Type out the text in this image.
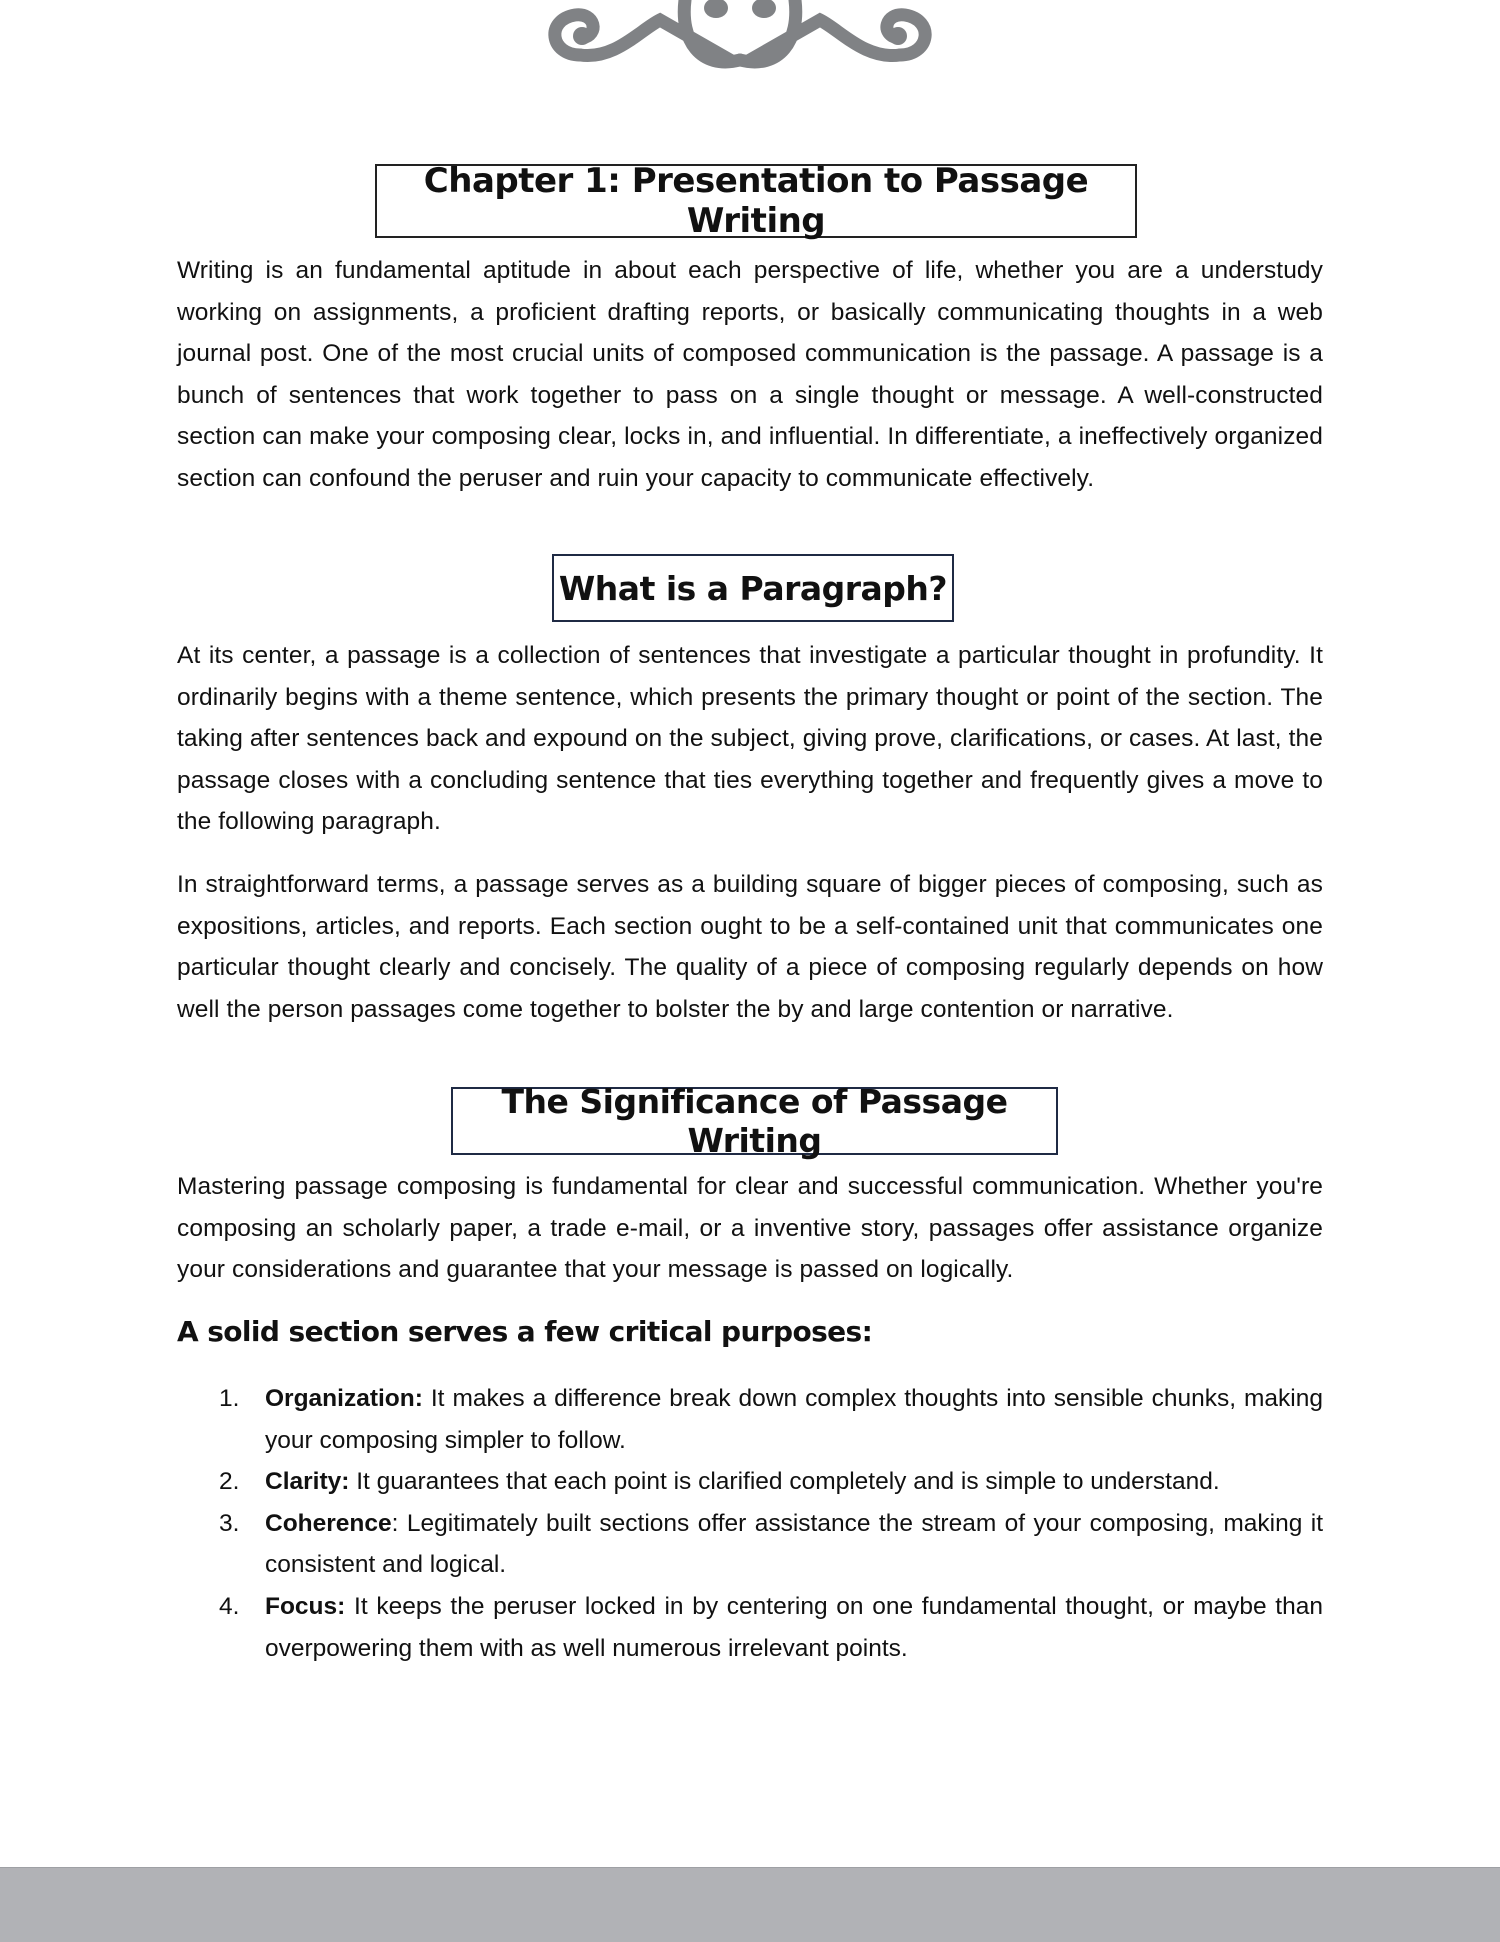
Chapter 1: Presentation to Passage Writing

Writing is an fundamental aptitude in about each perspective of life, whether you are a understudy working on assignments, a proficient drafting reports, or basically communicating thoughts in a web journal post. One of the most crucial units of composed communication is the passage. A passage is a bunch of sentences that work together to pass on a single thought or message. A well-constructed section can make your composing clear, locks in, and influential. In differentiate, a ineffectively organized section can confound the peruser and ruin your capacity to communicate effectively.

What is a Paragraph?

At its center, a passage is a collection of sentences that investigate a particular thought in profundity. It ordinarily begins with a theme sentence, which presents the primary thought or point of the section. The taking after sentences back and expound on the subject, giving prove, clarifications, or cases. At last, the passage closes with a concluding sentence that ties everything together and frequently gives a move to the following paragraph.

In straightforward terms, a passage serves as a building square of bigger pieces of composing, such as expositions, articles, and reports. Each section ought to be a self-contained unit that communicates one particular thought clearly and concisely. The quality of a piece of composing regularly depends on how well the person passages come together to bolster the by and large contention or narrative.

The Significance of Passage Writing

Mastering passage composing is fundamental for clear and successful communication. Whether you're composing an scholarly paper, a trade e-mail, or a inventive story, passages offer assistance organize your considerations and guarantee that your message is passed on logically.

A solid section serves a few critical purposes:
1. Organization: It makes a difference break down complex thoughts into sensible chunks, making your composing simpler to follow.
2. Clarity: It guarantees that each point is clarified completely and is simple to understand.
3. Coherence: Legitimately built sections offer assistance the stream of your composing, making it consistent and logical.
4. Focus: It keeps the peruser locked in by centering on one fundamental thought, or maybe than overpowering them with as well numerous irrelevant points.
